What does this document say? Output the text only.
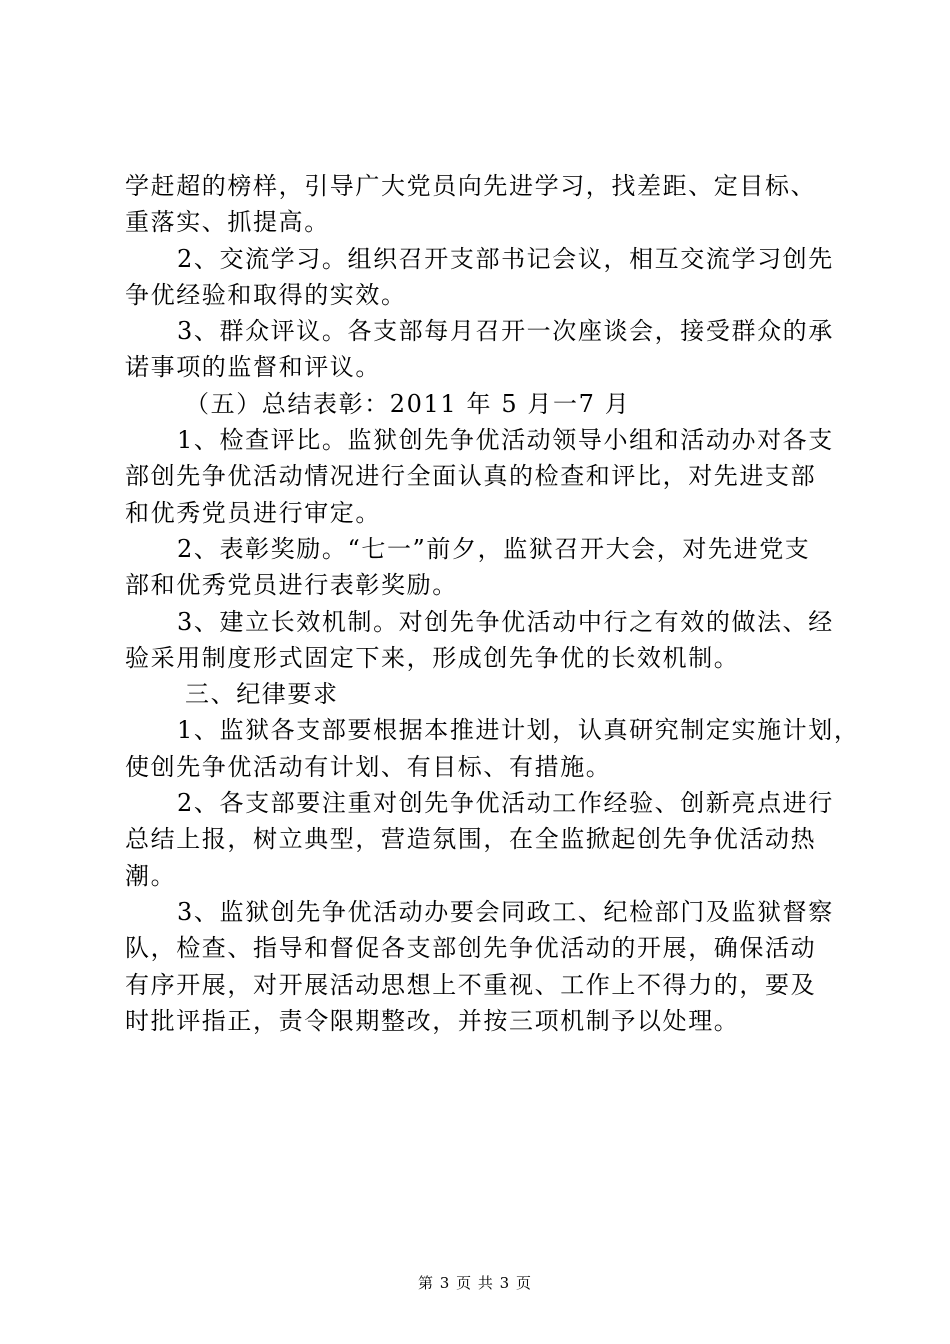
学赶超的榜样，引导广大党员向先进学习，找差距、定目标、
重落实、抓提高。
2、交流学习。组织召开支部书记会议，相互交流学习创先
争优经验和取得的实效。
3、群众评议。各支部每月召开一次座谈会，接受群众的承
诺事项的监督和评议。
（五）总结表彰：2011 年 5 月一7 月
1、检查评比。监狱创先争优活动领导小组和活动办对各支
部创先争优活动情况进行全面认真的检查和评比，对先进支部
和优秀党员进行审定。
2、表彰奖励。“七一”前夕，监狱召开大会，对先进党支
部和优秀党员进行表彰奖励。
3、建立长效机制。对创先争优活动中行之有效的做法、经
验采用制度形式固定下来，形成创先争优的长效机制。
三、纪律要求
1、监狱各支部要根据本推进计划，认真研究制定实施计划，
使创先争优活动有计划、有目标、有措施。
2、各支部要注重对创先争优活动工作经验、创新亮点进行
总结上报，树立典型，营造氛围，在全监掀起创先争优活动热
潮。
3、监狱创先争优活动办要会同政工、纪检部门及监狱督察
队，检查、指导和督促各支部创先争优活动的开展，确保活动
有序开展，对开展活动思想上不重视、工作上不得力的，要及
时批评指正，责令限期整改，并按三项机制予以处理。
第 3 页 共 3 页
